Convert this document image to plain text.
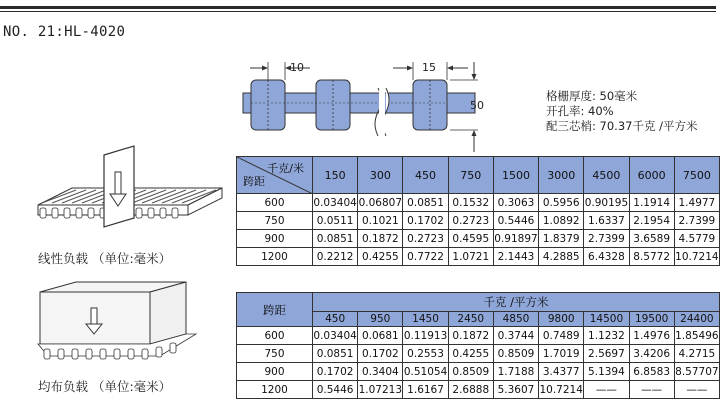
NO. 21:HL-4020
10	15
50
格栅厚度: 50毫米
开孔率: 40%
配三芯梢: 70.37千克 /平方米
线性负载 （单位:毫米）
均布负载 （单位:毫米）
千克/米
跨距	150	300	450	750	1500	3000	4500	6000	7500
600	0.03404	0.06807	0.0851	0.1532	0.3063	0.5956	0.90195	1.1914	1.4977
750	0.0511	0.1021	0.1702	0.2723	0.5446	1.0892	1.6337	2.1954	2.7399
900	0.0851	0.1872	0.2723	0.4595	0.91897	1.8379	2.7399	3.6589	4.5779
1200	0.2212	0.4255	0.7722	1.0721	2.1443	4.2885	6.4328	8.5772	10.7214
跨距	千克 /平方米								
	450	950	1450	2450	4850	9800	14500	19500	24400
600	0.03404	0.0681	0.11913	0.1872	0.3744	0.7489	1.1232	1.4976	1.85496
750	0.0851	0.1702	0.2553	0.4255	0.8509	1.7019	2.5697	3.4206	4.2715
900	0.1702	0.3404	0.51054	0.8509	1.7188	3.4377	5.1394	6.8583	8.57707
1200	0.5446	1.07213	1.6167	2.6888	5.3607	10.7214	——	——	——
